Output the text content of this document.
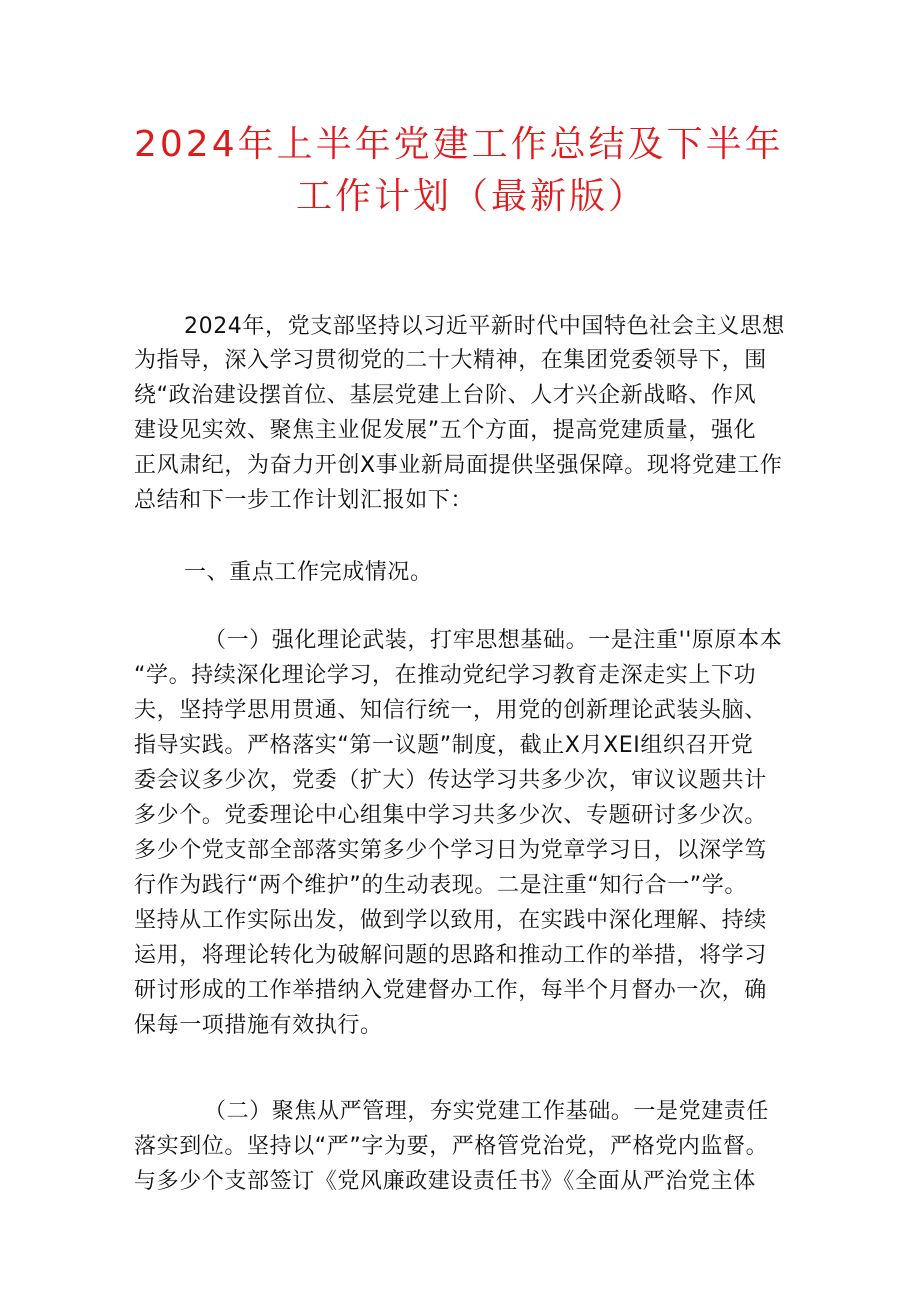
2024年上半年党建工作总结及下半年
工作计划（最新版）
2024年，党支部坚持以习近平新时代中国特色社会主义思想
为指导，深入学习贯彻党的二十大精神，在集团党委领导下，围
绕“政治建设摆首位、基层党建上台阶、人才兴企新战略、作风
建设见实效、聚焦主业促发展”五个方面，提高党建质量，强化
正风肃纪，为奋力开创X事业新局面提供坚强保障。现将党建工作
总结和下一步工作计划汇报如下：
一、重点工作完成情况。
（一）强化理论武装，打牢思想基础。一是注重''原原本本
“学。持续深化理论学习，在推动党纪学习教育走深走实上下功
夫，坚持学思用贯通、知信行统一，用党的创新理论武装头脑、
指导实践。严格落实“第一议题”制度，截止X月XEI组织召开党
委会议多少次，党委（扩大）传达学习共多少次，审议议题共计
多少个。党委理论中心组集中学习共多少次、专题研讨多少次。
多少个党支部全部落实第多少个学习日为党章学习日，以深学笃
行作为践行“两个维护”的生动表现。二是注重“知行合一”学。
坚持从工作实际出发，做到学以致用，在实践中深化理解、持续
运用，将理论转化为破解问题的思路和推动工作的举措，将学习
研讨形成的工作举措纳入党建督办工作，每半个月督办一次，确
保每一项措施有效执行。
（二）聚焦从严管理，夯实党建工作基础。一是党建责任
落实到位。坚持以“严”字为要，严格管党治党，严格党内监督。
与多少个支部签订《党风廉政建设责任书》《全面从严治党主体
